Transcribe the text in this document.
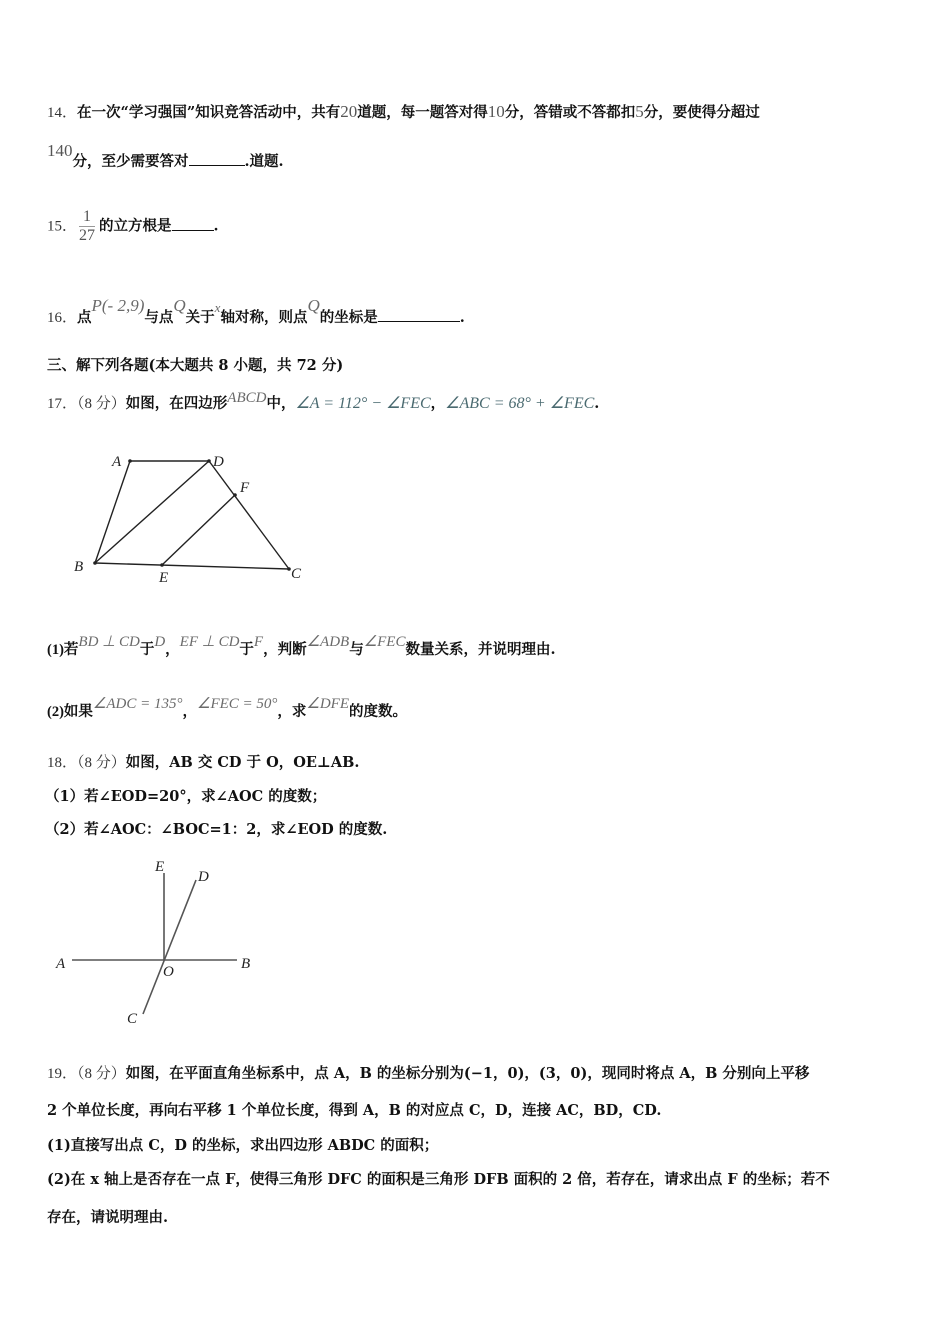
14．在一次“学习强国”知识竞答活动中，共有20道题，每一题答对得10分，答错或不答都扣5分，要使得分超过
140分，至少需要答对	.道题.
15． $\frac{1}{27}$ 的立方根是	.
16．点P(- 2,9)与点Q关于x轴对称，则点Q的坐标是	.
三、解下列各题(本大题共 8 小题，共 72 分)
17．（8 分）如图，在四边形ABCD中，∠A = 112° − ∠FEC，∠ABC = 68° + ∠FEC.
A	D
F
B
E	C
(1)若BD ⊥ CD于D，EF ⊥ CD于F，判断∠ADB与∠FEC数量关系，并说明理由.
(2)如果∠ADC = 135°，∠FEC = 50°，求∠DFE的度数。
18．（8 分）如图，AB 交 CD 于 O，OE⊥AB.
（1）若∠EOD=20°，求∠AOC 的度数；
（2）若∠AOC：∠BOC=1：2，求∠EOD 的度数.
E
D
A	B
O
C
19．（8 分）如图，在平面直角坐标系中，点 A，B 的坐标分别为(−1，0)，(3，0)，现同时将点 A，B 分别向上平移
2 个单位长度，再向右平移 1 个单位长度，得到 A，B 的对应点 C，D，连接 AC，BD，CD.
(1)直接写出点 C，D 的坐标，求出四边形 ABDC 的面积；
(2)在 x 轴上是否存在一点 F，使得三角形 DFC 的面积是三角形 DFB 面积的 2 倍，若存在，请求出点 F 的坐标；若不
存在，请说明理由.
